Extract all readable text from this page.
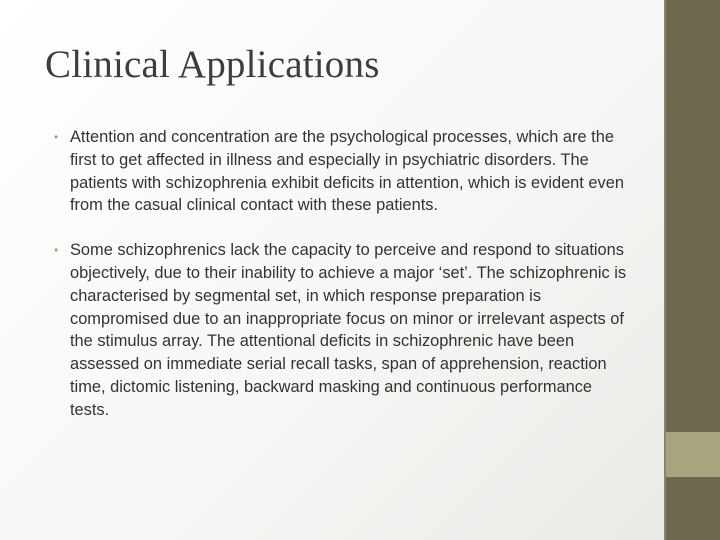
Clinical Applications
• Attention and concentration are the psychological processes, which are the first to get affected in illness and especially in psychiatric disorders. The patients with schizophrenia exhibit deficits in attention, which is evident even from the casual clinical contact with these patients.
• Some schizophrenics lack the capacity to perceive and respond to situations objectively, due to their inability to achieve a major ‘set’. The schizophrenic is characterised by segmental set, in which response preparation is compromised due to an inappropriate focus on minor or irrelevant aspects of the stimulus array. The attentional deficits in schizophrenic have been assessed on immediate serial recall tasks, span of apprehension, reaction time, dictomic listening, backward masking and continuous performance tests.
